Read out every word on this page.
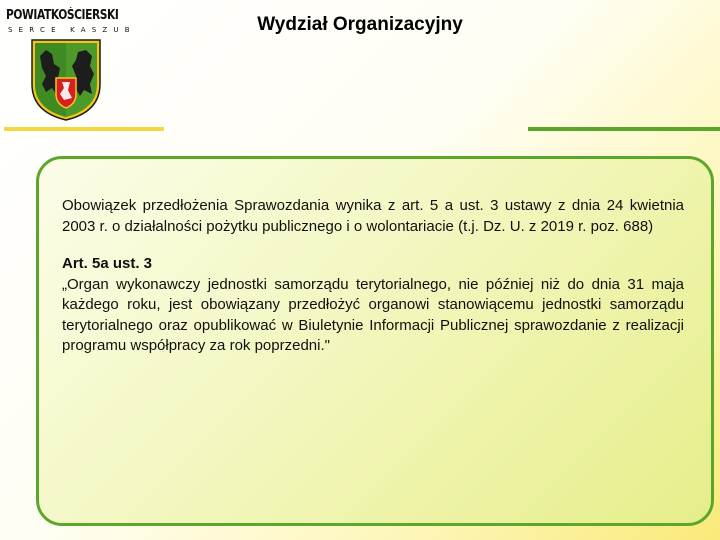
POWIATKOŚCIERSKI
SERCE KASZUB	Wydział Organizacyjny

Obowiązek przedłożenia Sprawozdania wynika z art. 5 a ust. 3 ustawy z dnia 24 kwietnia 2003 r. o działalności pożytku publicznego i o wolontariacie (t.j. Dz. U. z 2019 r. poz. 688)

Art. 5a ust. 3
„Organ wykonawczy jednostki samorządu terytorialnego, nie później niż do dnia 31 maja każdego roku, jest obowiązany przedłożyć organowi stanowiącemu jednostki samorządu terytorialnego oraz opublikować w Biuletynie Informacji Publicznej sprawozdanie z realizacji programu współpracy za rok poprzedni."
